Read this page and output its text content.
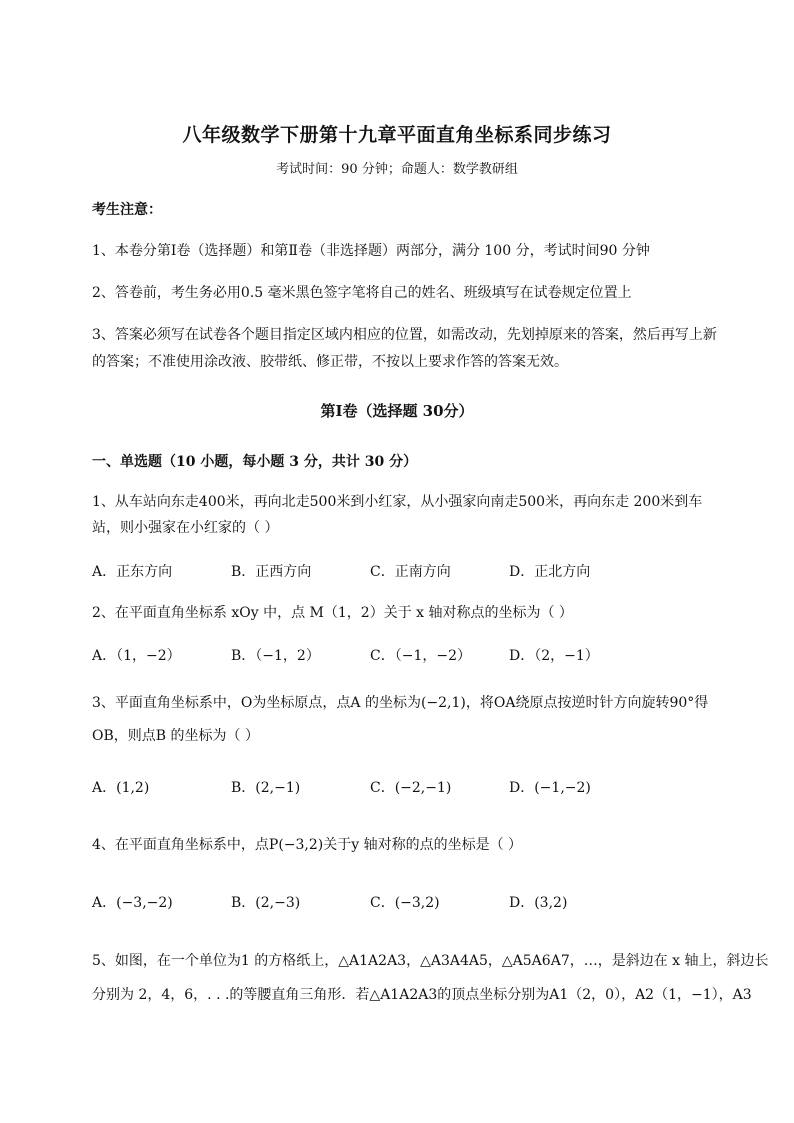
八年级数学下册第十九章平面直角坐标系同步练习
考试时间：90 分钟；命题人：数学教研组
考生注意：
1、本卷分第Ⅰ卷（选择题）和第Ⅱ卷（非选择题）两部分，满分 100 分，考试时间90 分钟
2、答卷前，考生务必用0.5 毫米黑色签字笔将自己的姓名、班级填写在试卷规定位置上
3、答案必须写在试卷各个题目指定区域内相应的位置，如需改动，先划掉原来的答案，然后再写上新
的答案；不准使用涂改液、胶带纸、修正带，不按以上要求作答的答案无效。
第Ⅰ卷（选择题 30分）
一、单选题（10 小题，每小题 3 分，共计 30 分）
1、从车站向东走400米，再向北走500米到小红家，从小强家向南走500米，再向东走 200米到车
站，则小强家在小红家的（ ）
A．正东方向	B．正西方向	C．正南方向	D．正北方向
2、在平面直角坐标系 xOy 中，点 M（1，2）关于 x 轴对称点的坐标为（ ）
A．（1，−2）	B．（−1，2）	C．（−1，−2）	D．（2，−1）
3、平面直角坐标系中，O为坐标原点，点A 的坐标为(−2,1)，将OA绕原点按逆时针方向旋转90°得
OB，则点B 的坐标为（ ）
A．(1,2)	B．(2,−1)	C．(−2,−1)	D．(−1,−2)
4、在平面直角坐标系中，点P(−3,2)关于y 轴对称的点的坐标是（ ）
A．(−3,−2)	B．(2,−3)	C．(−3,2)	D．(3,2)
5、如图，在一个单位为1 的方格纸上，△A1A2A3，△A3A4A5，△A5A6A7，…，是斜边在 x 轴上，斜边长
分别为 2，4，6，. . .的等腰直角三角形．若△A1A2A3的顶点坐标分别为A1（2，0），A2（1，−1），A3
